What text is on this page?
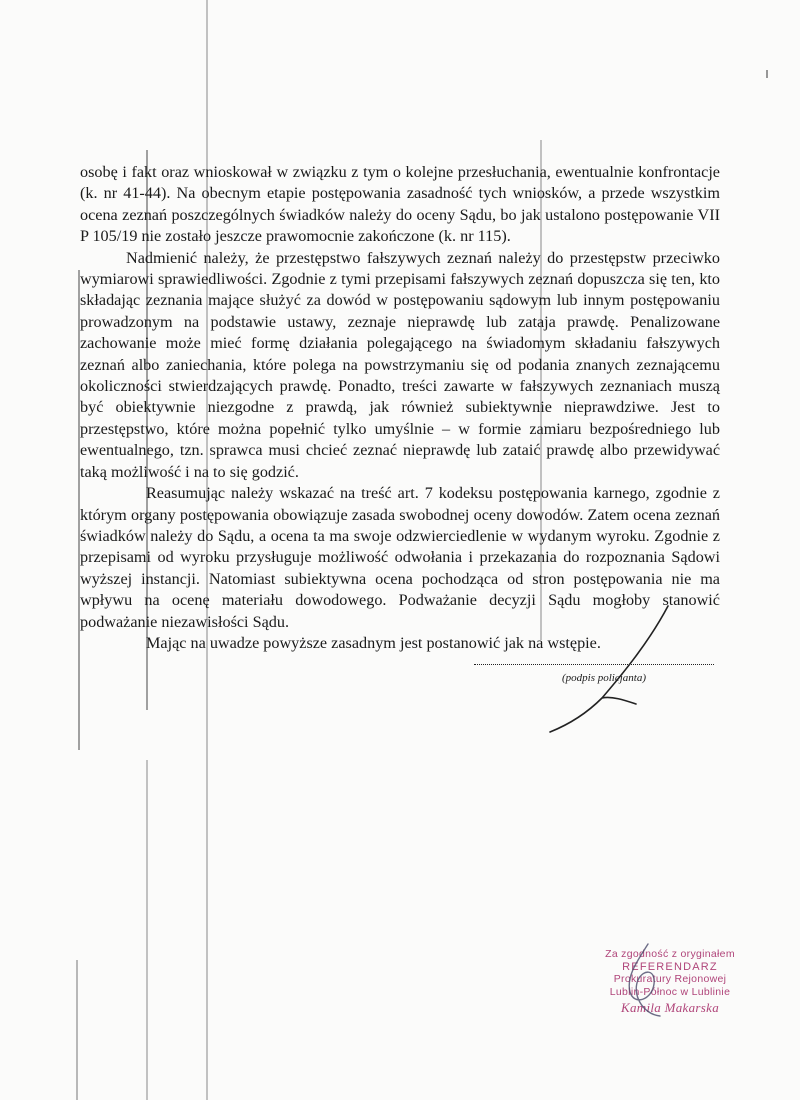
osobę i fakt oraz wnioskował w związku z tym o kolejne przesłuchania, ewentualnie konfrontacje (k. nr 41-44). Na obecnym etapie postępowania zasadność tych wniosków, a przede wszystkim ocena zeznań poszczególnych świadków należy do oceny Sądu, bo jak ustalono postępowanie VII P 105/19 nie zostało jeszcze prawomocnie zakończone (k. nr 115).

Nadmienić należy, że przestępstwo fałszywych zeznań należy do przestępstw przeciwko wymiarowi sprawiedliwości. Zgodnie z tymi przepisami fałszywych zeznań dopuszcza się ten, kto składając zeznania mające służyć za dowód w postępowaniu sądowym lub innym postępowaniu prowadzonym na podstawie ustawy, zeznaje nieprawdę lub zataja prawdę. Penalizowane zachowanie może mieć formę działania polegającego na świadomym składaniu fałszywych zeznań albo zaniechania, które polega na powstrzymaniu się od podania znanych zeznającemu okoliczności stwierdzających prawdę. Ponadto, treści zawarte w fałszywych zeznaniach muszą być obiektywnie niezgodne z prawdą, jak również subiektywnie nieprawdziwe. Jest to przestępstwo, które można popełnić tylko umyślnie – w formie zamiaru bezpośredniego lub ewentualnego, tzn. sprawca musi chcieć zeznać nieprawdę lub zataić prawdę albo przewidywać taką możliwość i na to się godzić.

Reasumując należy wskazać na treść art. 7 kodeksu postępowania karnego, zgodnie z którym organy postępowania obowiązuje zasada swobodnej oceny dowodów. Zatem ocena zeznań świadków należy do Sądu, a ocena ta ma swoje odzwierciedlenie w wydanym wyroku. Zgodnie z przepisami od wyroku przysługuje możliwość odwołania i przekazania do rozpoznania Sądowi wyższej instancji. Natomiast subiektywna ocena pochodząca od stron postępowania nie ma wpływu na ocenę materiału dowodowego. Podważanie decyzji Sądu mogłoby stanowić podważanie niezawisłości Sądu.

Mając na uwadze powyższe zasadnym jest postanowić jak na wstępie.

(podpis policjanta)
Za zgodność z oryginałem
REFERENDARZ
Prokuratury Rejonowej
Lublin-Północ w Lublinie
Kamila Makarska
